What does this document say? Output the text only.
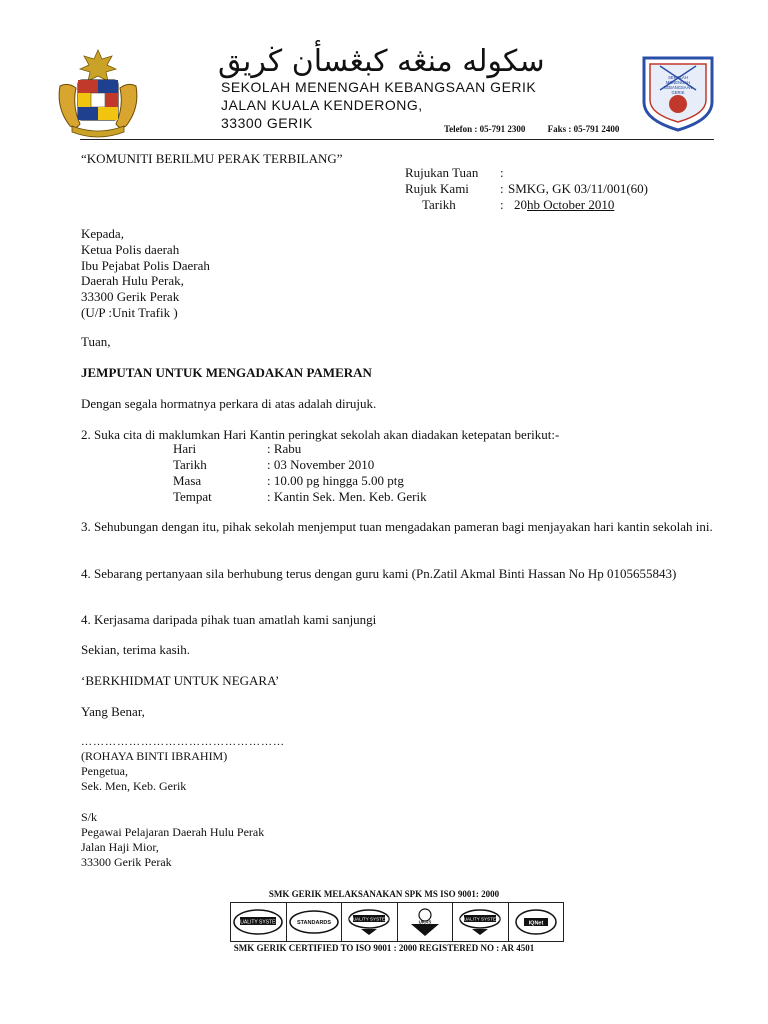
سکوله منڠه کبڠسأن ڬريق
SEKOLAH MENENGAH KEBANGSAAN GERIK
JALAN KUALA KENDERONG,
33300 GERIK	Telefon : 05-791 2300 Faks : 05-791 2400
SEKOLAH
MENENGAH
KEBANGSAAN
GERIK
“KOMUNITI BERILMU PERAK TERBILANG”
Rujukan Tuan	:
Rujuk Kami	: SMKG, GK 03/11/001(60)
Tarikh	: 20 hb October 2010
Kepada,
Ketua Polis daerah
Ibu Pejabat Polis Daerah
Daerah Hulu Perak,
33300 Gerik Perak
(U/P :Unit Trafik )
Tuan,
JEMPUTAN UNTUK MENGADAKAN PAMERAN
Dengan segala hormatnya perkara di atas adalah dirujuk.
2. Suka cita di maklumkan Hari Kantin peringkat sekolah akan diadakan ketepatan berikut:-
Hari	: Rabu
Tarikh	: 03 November 2010
Masa	: 10.00 pg hingga 5.00 ptg
Tempat	: Kantin Sek. Men. Keb. Gerik
3. Sehubungan dengan itu, pihak sekolah menjemput tuan mengadakan pameran bagi menjayakan hari kantin sekolah ini.
4. Sebarang pertanyaan sila berhubung terus dengan guru kami (Pn.Zatil Akmal Binti Hassan No Hp 0105655843)
4. Kerjasama daripada pihak tuan amatlah kami sanjungi
Sekian, terima kasih.
‘BERKHIDMAT UNTUK NEGARA’
Yang Benar,
……………………………………………
(ROHAYA BINTI IBRAHIM)
Pengetua,
Sek. Men, Keb. Gerik
S/k
Pegawai Pelajaran Daerah Hulu Perak
Jalan Haji Mior,
33300 Gerik Perak
SMK GERIK MELAKSANAKAN SPK MS ISO 9001: 2000
QUALITY SYSTEM	STANDARDS
QUALITY SYSTEM
UKAS
QUALITY SYSTEM
IQNet
SMK GERIK CERTIFIED TO ISO 9001 : 2000 REGISTERED NO : AR 4501
